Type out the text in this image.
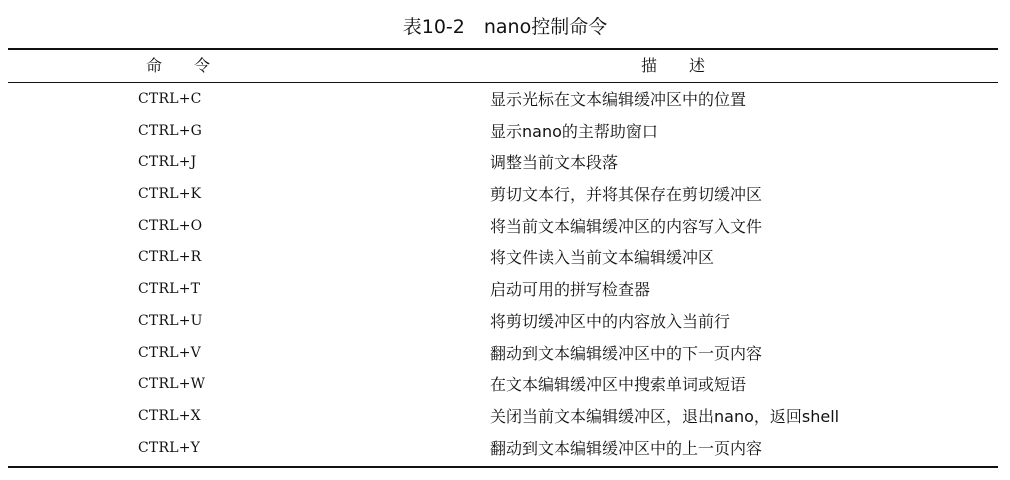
表10-2　nano控制命令
命　　令	描　　述
CTRL+C	显示光标在文本编辑缓冲区中的位置
CTRL+G	显示nano的主帮助窗口
CTRL+J	调整当前文本段落
CTRL+K	剪切文本行，并将其保存在剪切缓冲区
CTRL+O	将当前文本编辑缓冲区的内容写入文件
CTRL+R	将文件读入当前文本编辑缓冲区
CTRL+T	启动可用的拼写检查器
CTRL+U	将剪切缓冲区中的内容放入当前行
CTRL+V	翻动到文本编辑缓冲区中的下一页内容
CTRL+W	在文本编辑缓冲区中搜索单词或短语
CTRL+X	关闭当前文本编辑缓冲区，退出nano，返回shell
CTRL+Y	翻动到文本编辑缓冲区中的上一页内容
